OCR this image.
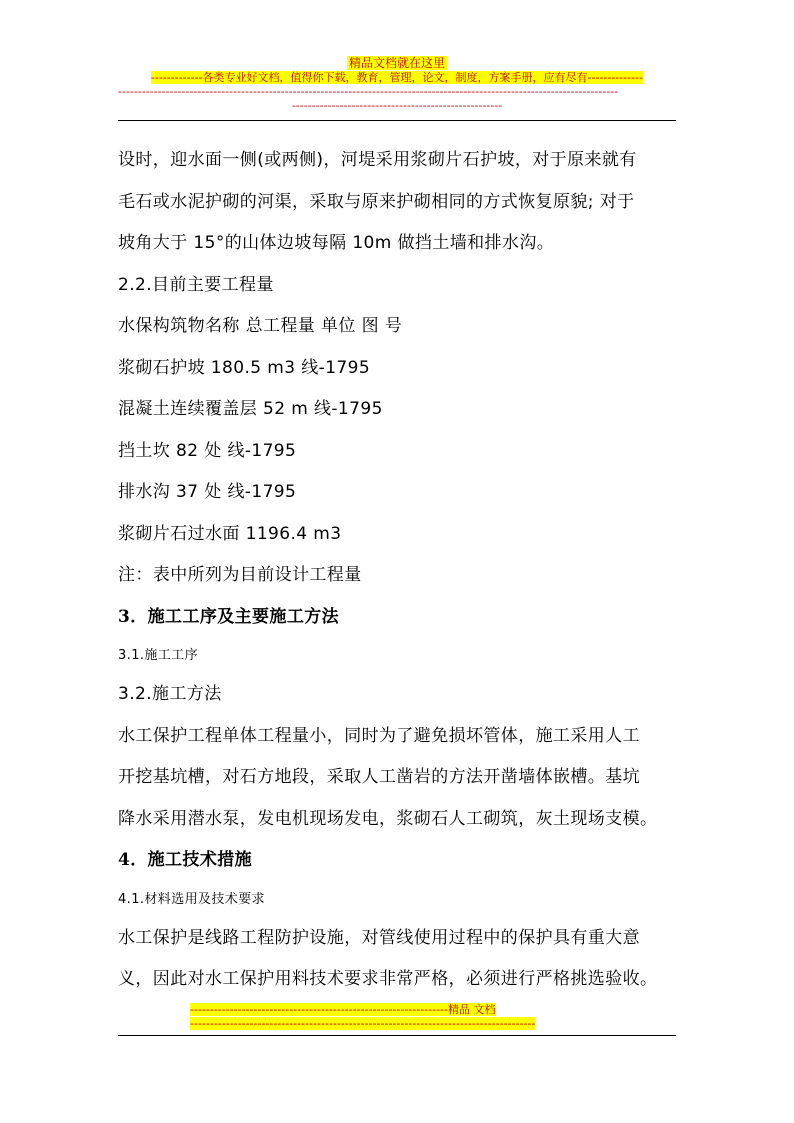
精品文档就在这里
-------------各类专业好文档，值得你下载，教育，管理，论文，制度，方案手册，应有尽有--------------
------------------------------------------------------------------------------------------------------------------------------
-----------------------------------------------------
设时，迎水面一侧(或两侧)，河堤采用浆砌片石护坡，对于原来就有
毛石或水泥护砌的河渠，采取与原来护砌相同的方式恢复原貌; 对于
坡角大于 15°的山体边坡每隔 10m 做挡土墙和排水沟。
2.2.目前主要工程量
水保构筑物名称 总工程量 单位 图 号
浆砌石护坡 180.5 m3 线-1795
混凝土连续覆盖层 52 m 线-1795
挡土坎 82 处 线-1795
排水沟 37 处 线-1795
浆砌片石过水面 1196.4 m3
注：表中所列为目前设计工程量
3．施工工序及主要施工方法
3.1.施工工序
3.2.施工方法
水工保护工程单体工程量小，同时为了避免损坏管体，施工采用人工
开挖基坑槽，对石方地段，采取人工凿岩的方法开凿墙体嵌槽。基坑
降水采用潜水泵，发电机现场发电，浆砌石人工砌筑，灰土现场支模。
4．施工技术措施
4.1.材料选用及技术要求
水工保护是线路工程防护设施，对管线使用过程中的保护具有重大意
义，因此对水工保护用料技术要求非常严格，必须进行严格挑选验收。
-----------------------------------------------------------------精品 文档
---------------------------------------------------------------------------------------
